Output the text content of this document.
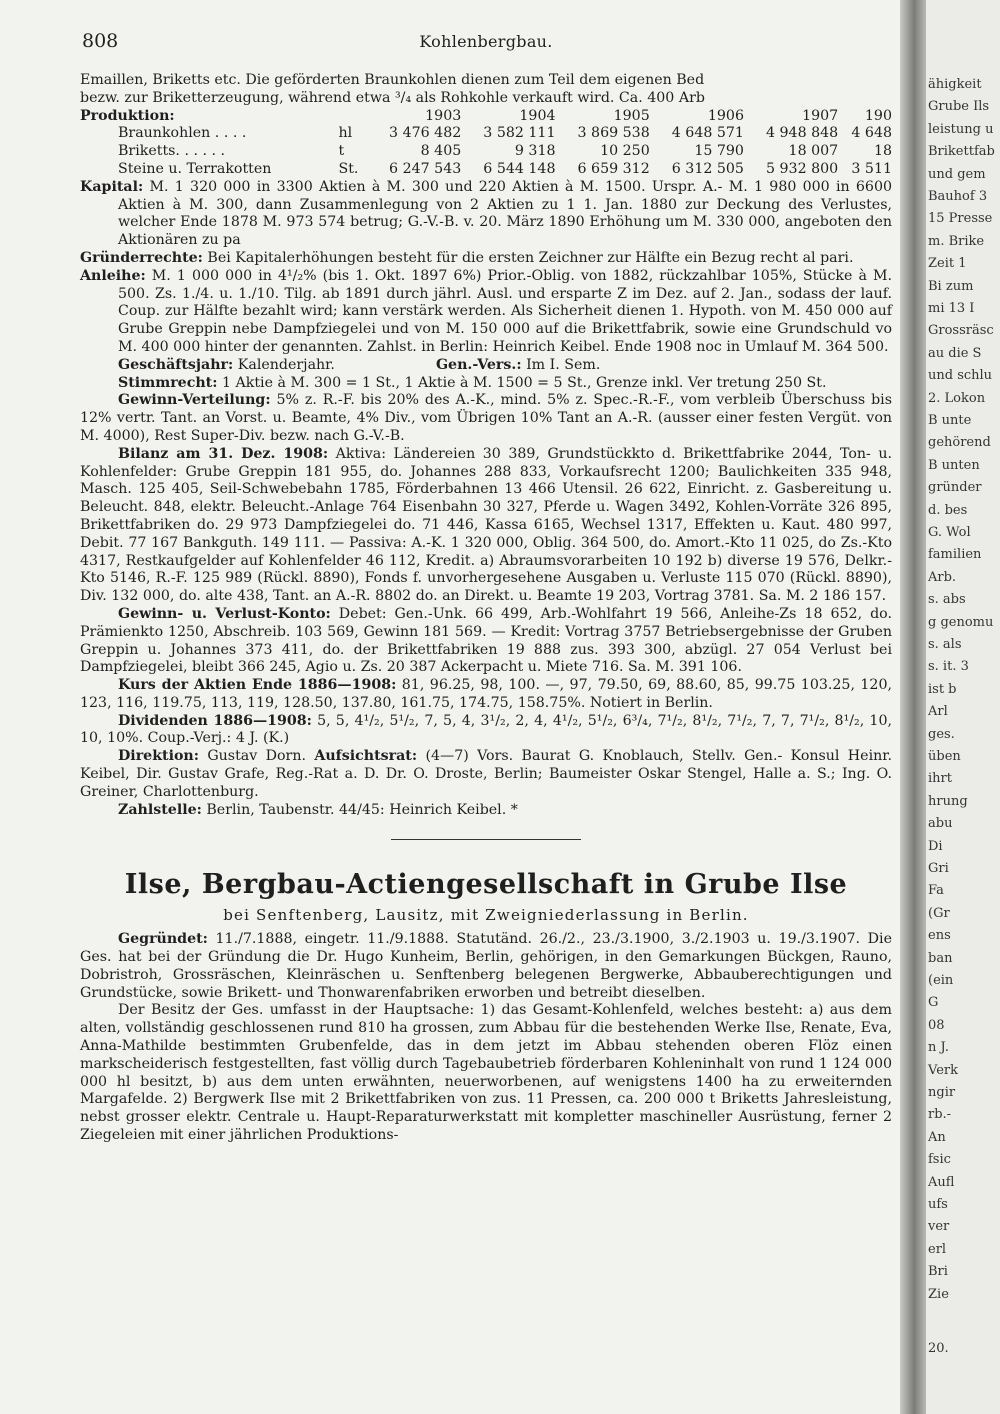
808	Kohlenbergbau.

Emaillen, Briketts etc. Die geförderten Braunkohlen dienen zum Teil dem eigenen Bed

bezw. zur Briketterzeugung, während etwa ³/₄ als Rohkohle verkauft wird. Ca. 400 Arb

Produktion:		1903	1904	1905	1906	1907	190
Braunkohlen . . . .	hl	3 476 482	3 582 111	3 869 538	4 648 571	4 948 848	4 648
Briketts. . . . . .	t	8 405	9 318	10 250	15 790	18 007	18
Steine u. Terrakotten	St.	6 247 543	6 544 148	6 659 312	6 312 505	5 932 800	3 511

Kapital: M. 1 320 000 in 3300 Aktien à M. 300 und 220 Aktien à M. 1500. Urspr. A.- M. 1 980 000 in 6600 Aktien à M. 300, dann Zusammenlegung von 2 Aktien zu 1 1. Jan. 1880 zur Deckung des Verlustes, welcher Ende 1878 M. 973 574 betrug; G.-V.-B. v. 20. März 1890 Erhöhung um M. 330 000, angeboten den Aktionären zu pa

Gründerrechte: Bei Kapitalerhöhungen besteht für die ersten Zeichner zur Hälfte ein Bezug recht al pari.

Anleihe: M. 1 000 000 in 4¹/₂% (bis 1. Okt. 1897 6%) Prior.-Oblig. von 1882, rückzahlbar 105%, Stücke à M. 500. Zs. 1./4. u. 1./10. Tilg. ab 1891 durch jährl. Ausl. und ersparte Z im Dez. auf 2. Jan., sodass der lauf. Coup. zur Hälfte bezahlt wird; kann verstärk werden. Als Sicherheit dienen 1. Hypoth. von M. 450 000 auf Grube Greppin nebe Dampfziegelei und von M. 150 000 auf die Brikettfabrik, sowie eine Grundschuld vo M. 400 000 hinter der genannten. Zahlst. in Berlin: Heinrich Keibel. Ende 1908 noc in Umlauf M. 364 500.

Geschäftsjahr: Kalenderjahr.	Gen.-Vers.: Im I. Sem.

Stimmrecht: 1 Aktie à M. 300 = 1 St., 1 Aktie à M. 1500 = 5 St., Grenze inkl. Ver tretung 250 St.

Gewinn-Verteilung: 5% z. R.-F. bis 20% des A.-K., mind. 5% z. Spec.-R.-F., vom verbleib Überschuss bis 12% vertr. Tant. an Vorst. u. Beamte, 4% Div., vom Übrigen 10% Tant an A.-R. (ausser einer festen Vergüt. von M. 4000), Rest Super-Div. bezw. nach G.-V.-B.

Bilanz am 31. Dez. 1908: Aktiva: Ländereien 30 389, Grundstückkto d. Brikettfabrike 2044, Ton- u. Kohlenfelder: Grube Greppin 181 955, do. Johannes 288 833, Vorkaufsrecht 1200; Baulichkeiten 335 948, Masch. 125 405, Seil-Schwebebahn 1785, Förderbahnen 13 466 Utensil. 26 622, Einricht. z. Gasbereitung u. Beleucht. 848, elektr. Beleucht.-Anlage 764 Eisenbahn 30 327, Pferde u. Wagen 3492, Kohlen-Vorräte 326 895, Brikettfabriken do. 29 973 Dampfziegelei do. 71 446, Kassa 6165, Wechsel 1317, Effekten u. Kaut. 480 997, Debit. 77 167 Bankguth. 149 111. — Passiva: A.-K. 1 320 000, Oblig. 364 500, do. Amort.-Kto 11 025, do Zs.-Kto 4317, Restkaufgelder auf Kohlenfelder 46 112, Kredit. a) Abraumsvorarbeiten 10 192 b) diverse 19 576, Delkr.-Kto 5146, R.-F. 125 989 (Rückl. 8890), Fonds f. unvorhergesehene Ausgaben u. Verluste 115 070 (Rückl. 8890), Div. 132 000, do. alte 438, Tant. an A.-R. 8802 do. an Direkt. u. Beamte 19 203, Vortrag 3781. Sa. M. 2 186 157.

Gewinn- u. Verlust-Konto: Debet: Gen.-Unk. 66 499, Arb.-Wohlfahrt 19 566, Anleihe-Zs 18 652, do. Prämienkto 1250, Abschreib. 103 569, Gewinn 181 569. — Kredit: Vortrag 3757 Betriebsergebnisse der Gruben Greppin u. Johannes 373 411, do. der Brikettfabriken 19 888 zus. 393 300, abzügl. 27 054 Verlust bei Dampfziegelei, bleibt 366 245, Agio u. Zs. 20 387 Ackerpacht u. Miete 716. Sa. M. 391 106.

Kurs der Aktien Ende 1886—1908: 81, 96.25, 98, 100. —, 97, 79.50, 69, 88.60, 85, 99.75 103.25, 120, 123, 116, 119.75, 113, 119, 128.50, 137.80, 161.75, 174.75, 158.75%. Notiert in Berlin.

Dividenden 1886—1908: 5, 5, 4¹/₂, 5¹/₂, 7, 5, 4, 3¹/₂, 2, 4, 4¹/₂, 5¹/₂, 6³/₄, 7¹/₂, 8¹/₂, 7¹/₂, 7, 7, 7¹/₂, 8¹/₂, 10, 10, 10%. Coup.-Verj.: 4 J. (K.)

Direktion: Gustav Dorn. Aufsichtsrat: (4—7) Vors. Baurat G. Knoblauch, Stellv. Gen.- Konsul Heinr. Keibel, Dir. Gustav Grafe, Reg.-Rat a. D. Dr. O. Droste, Berlin; Baumeister Oskar Stengel, Halle a. S.; Ing. O. Greiner, Charlottenburg.

Zahlstelle: Berlin, Taubenstr. 44/45: Heinrich Keibel. *

Ilse, Bergbau-Actiengesellschaft in Grube Ilse
bei Senftenberg, Lausitz, mit Zweigniederlassung in Berlin.

Gegründet: 11./7.1888, eingetr. 11./9.1888. Statutänd. 26./2., 23./3.1900, 3./2.1903 u. 19./3.1907. Die Ges. hat bei der Gründung die Dr. Hugo Kunheim, Berlin, gehörigen, in den Gemarkungen Bückgen, Rauno, Dobristroh, Grossräschen, Kleinräschen u. Senftenberg belegenen Bergwerke, Abbauberechtigungen und Grundstücke, sowie Brikett- und Thonwarenfabriken erworben und betreibt dieselben.

Der Besitz der Ges. umfasst in der Hauptsache: 1) das Gesamt-Kohlenfeld, welches besteht: a) aus dem alten, vollständig geschlossenen rund 810 ha grossen, zum Abbau für die bestehenden Werke Ilse, Renate, Eva, Anna-Mathilde bestimmten Grubenfelde, das in dem jetzt im Abbau stehenden oberen Flöz einen markscheiderisch festgestellten, fast völlig durch Tagebaubetrieb förderbaren Kohleninhalt von rund 1 124 000 000 hl besitzt, b) aus dem unten erwähnten, neuerworbenen, auf wenigstens 1400 ha zu erweiternden Margafelde. 2) Bergwerk Ilse mit 2 Brikettfabriken von zus. 11 Pressen, ca. 200 000 t Briketts Jahresleistung, nebst grosser elektr. Centrale u. Haupt-Reparaturwerkstatt mit kompletter maschineller Ausrüstung, ferner 2 Ziegeleien mit einer jährlichen Produktions-

ähigkeit
Grube Ils
leistung u
Brikettfab
und gem
Bauhof 3
15 Presse
m. Brike
Zeit 1
Bi zum
mi 13 I
Grossräsc
au die S
und schlu
2. Lokon
B unte
gehörend
B unten
gründer
d. bes
G. Wol
familien
Arb.
s. abs
g genomu
s. als
s. it. 3
ist b
Arl
ges.
üben
ihrt
hrung
abu
Di
Gri
Fa
(Gr
ens
ban
(ein
G
08
n J.
Verk
ngir
rb.-
An
fsic
Aufl
ufs
ver
erl
Bri
Zie
20.
